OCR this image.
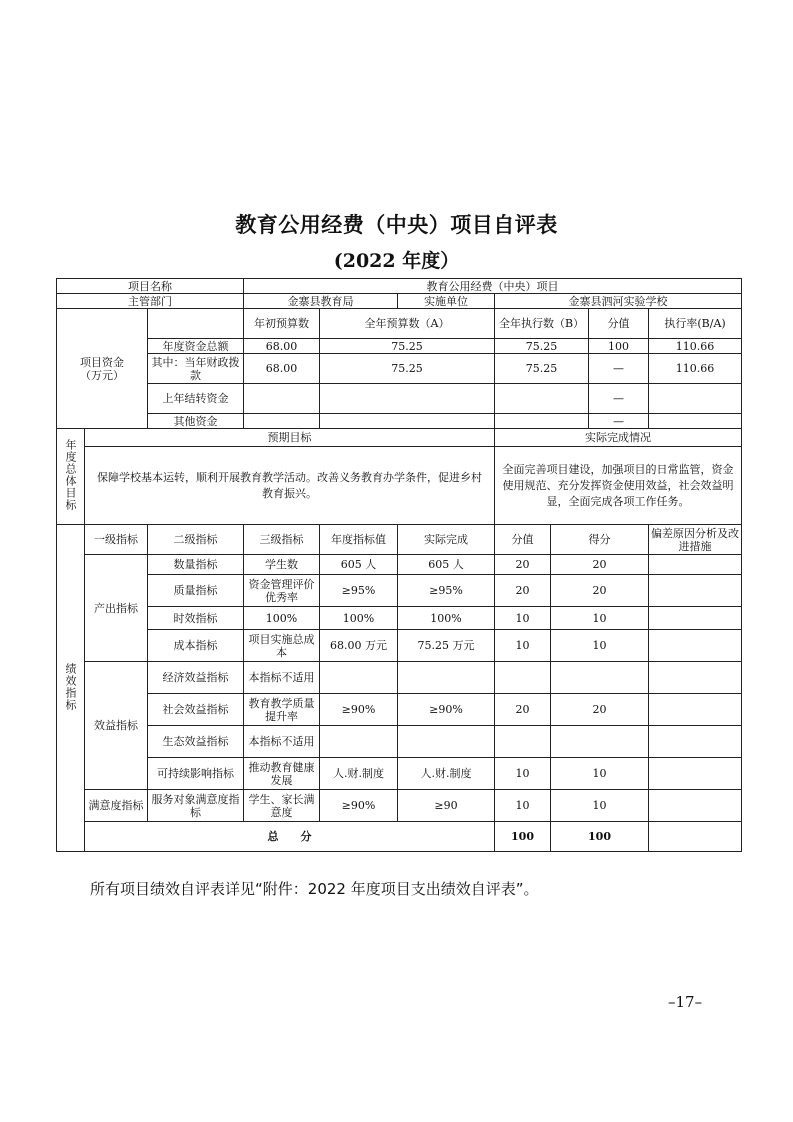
教育公用经费（中央）项目自评表
(2022 年度）
项目名称			教育公用经费（中央）项目							
主管部门			金寨县教育局		实施单位	金寨县泗河实验学校				
项目资金（万元）			年初预算数	全年预算数（A）		全年执行数（B）		分值	执行率(B/A)	
		年度资金总额	68.00	75.25		75.25		100	110.66	
		其中：当年财政拨款	68.00	75.25		75.25		—	110.66	
		上年结转资金						—		
		其他资金						—		
年度总体目标	预期目标					实际完成情况				
	保障学校基本运转，顺利开展教育教学活动。改善义务教育办学条件，促进乡村教育振兴。					全面完善项目建设，加强项目的日常监管，资金使用规范、充分发挥资金使用效益，社会效益明显，全面完成各项工作任务。				
绩效指标	一级指标	二级指标	三级指标	年度指标值	实际完成	分值	得分		偏差原因分析及改进措施	
	产出指标	数量指标	学生数	605 人	605 人	20	20			
		质量指标	资金管理评价优秀率	≥95%	≥95%	20	20			
		时效指标	100%	100%	100%	10	10			
		成本指标	项目实施总成本	68.00 万元	75.25 万元	10	10			
	效益指标	经济效益指标	本指标不适用							
		社会效益指标	教育教学质量提升率	≥90%	≥90%	20	20			
		生态效益指标	本指标不适用							
		可持续影响指标	推动教育健康发展	人.财.制度	人.财.制度	10	10			
	满意度指标	服务对象满意度指标	学生、家长满意度	≥90%	≥90	10	10			
	总　　分					100	100			
所有项目绩效自评表详见“附件：2022 年度项目支出绩效自评表”。
–17–
